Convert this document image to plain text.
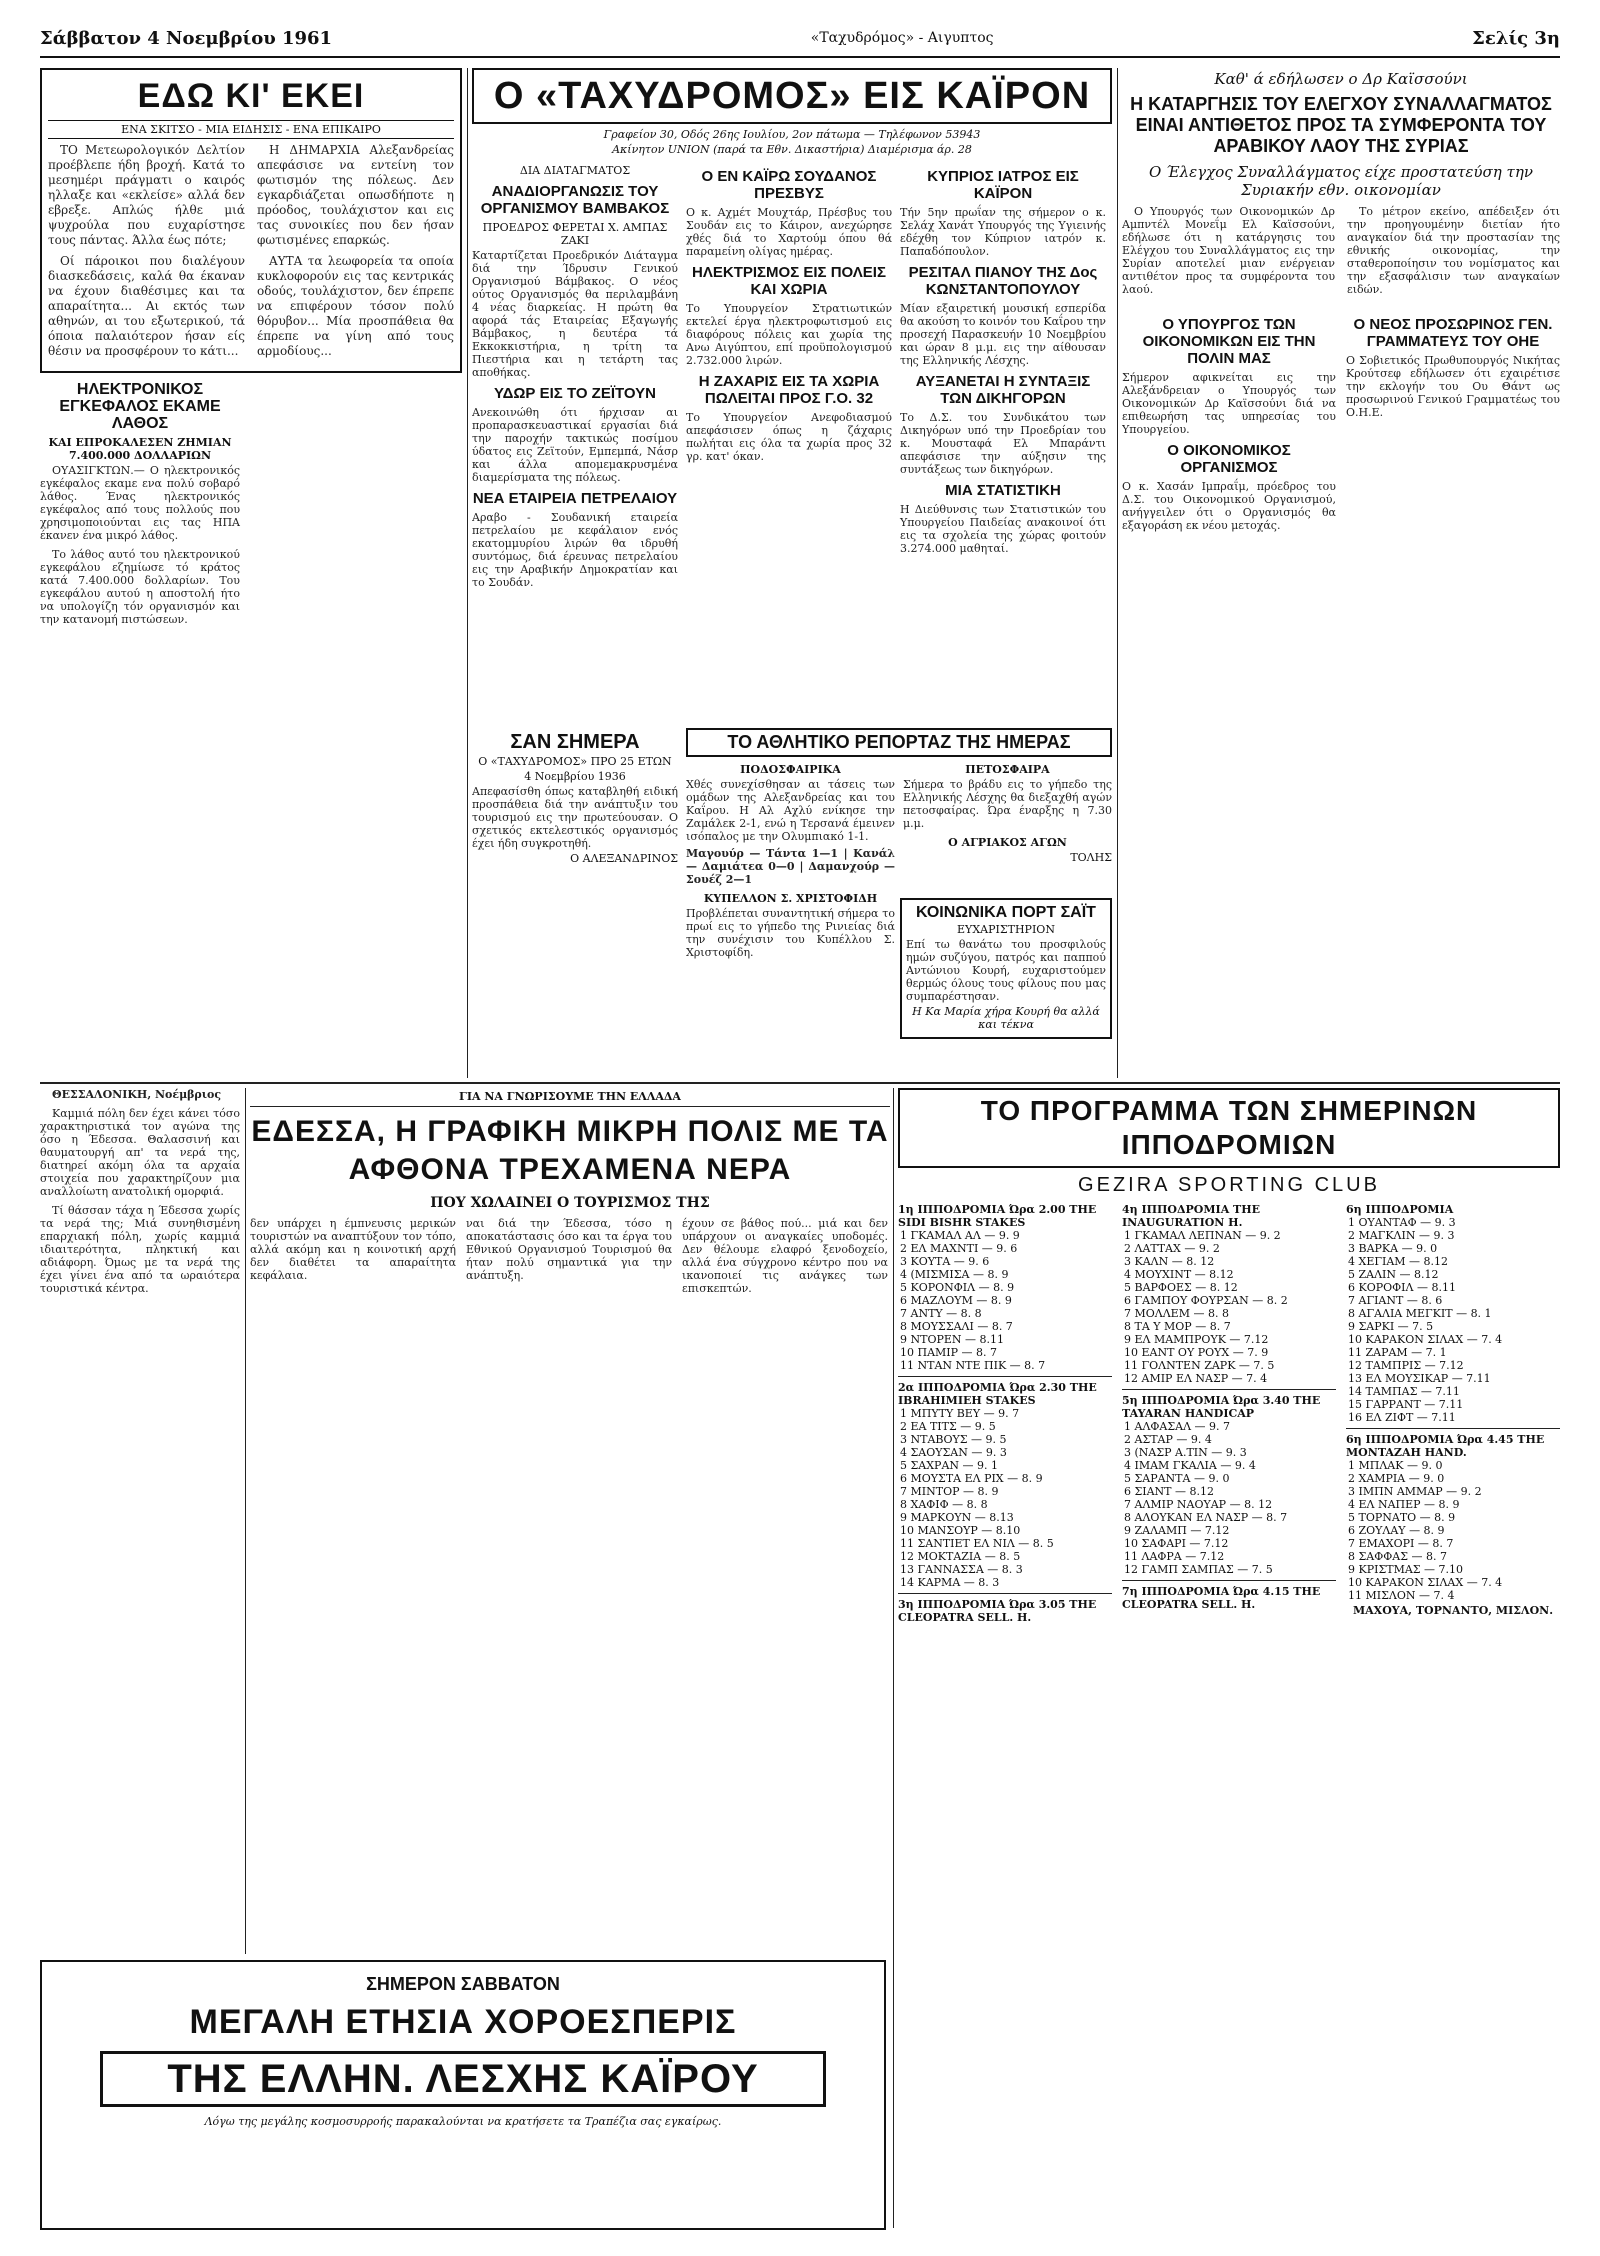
Σάββατον 4 Νοεμβρίου 1961	«Ταχυδρόμος» - Αιγυπτος	Σελίς 3η
ΕΔΩ ΚΙ' ΕΚΕΙ
ΕΝΑ ΣΚΙΤΣΟ - ΜΙΑ ΕΙΔΗΣΙΣ - ΕΝΑ ΕΠΙΚΑΙΡΟ

ΤΟ Μετεωρολογικόν Δελτίον προέβλεπε ήδη βροχή. Κατά το μεσημέρι πράγματι ο καιρός ηλλαξε και «εκλείσε» αλλά δεν εβρεξε. Απλώς ήλθε μιά ψυχρούλα που ευχαρίστησε τους πάντας. Άλλα έως πότε;

Οί πάροικοι που διαλέγουν διασκεδάσεις, καλά θα έκαναν να έχουν διαθέσιμες και τα απαραίτητα... Αι εκτός των αθηνών, αι του εξωτερικού, τά όποια παλαιότερον ήσαν είς θέσιν να προσφέρουν το κάτι...

Η ΔΗΜΑΡΧΙΑ Αλεξανδρείας απεφάσισε να εντείνη τον φωτισμόν της πόλεως. Δεν εγκαρδιάζεται οπωσδήποτε η πρόοδος, τουλάχιστον και εις τας συνοικίες που δεν ήσαν φωτισμένες επαρκώς.

ΑΥΤΑ τα λεωφορεία τα οποία κυκλοφορούν εις τας κεντρικάς οδούς, τουλάχιστον, δεν έπρεπε να επιφέρουν τόσον πολύ θόρυβον... Μία προσπάθεια θα έπρεπε να γίνη από τους αρμοδίους...

ΗΛΕΚΤΡΟΝΙΚΟΣ ΕΓΚΕΦΑΛΟΣ ΕΚΑΜΕ ΛΑΘΟΣ
ΚΑΙ ΕΠΡΟΚΑΛΕΣΕΝ ΖΗΜΙΑΝ 7.400.000 ΔΟΛΛΑΡΙΩΝ

ΟΥΑΣΙΓΚΤΩΝ.— Ο ηλεκτρονικός εγκέφαλος εκαμε ενα πολύ σοβαρό λάθος. Ένας ηλεκτρονικός εγκέφαλος από τους πολλούς που χρησιμοποιούνται εις τας ΗΠΑ έκανεν ένα μικρό λάθος.

Το λάθος αυτό του ηλεκτρονικού εγκεφάλου εζημίωσε τό κράτος κατά 7.400.000 δολλαρίων. Του εγκεφάλου αυτού η αποστολή ήτο να υπολογίζη τόν οργανισμόν και την κατανομή πιστώσεων.

Ο «ΤΑΧΥΔΡΟΜΟΣ» ΕΙΣ ΚΑΪΡΟΝ
Γραφείον 30, Οδός 26ης Ιουλίου, 2ον πάτωμα — Τηλέφωνον 53943
Ακίνητον UNION (παρά τα Εθν. Δικαστήρια) Διαμέρισμα άρ. 28
ΔΙΑ ΔΙΑΤΑΓΜΑΤΟΣ
ΑΝΑΔΙΟΡΓΑΝΩΣΙΣ ΤΟΥ ΟΡΓΑΝΙΣΜΟΥ ΒΑΜΒΑΚΟΣ
ΠΡΟΕΔΡΟΣ ΦΕΡΕΤΑΙ Χ. ΑΜΠΑΣ ΖΑΚΙ
Καταρτίζεται Προεδρικόν Διάταγμα διά την Ίδρυσιν Γενικού Οργανισμού Βάμβακος. Ο νέος ούτος Οργανισμός θα περιλαμβάνη 4 νέας διαρκείας. Η πρώτη θα αφορά τάς Εταιρείας Εξαγωγής Βάμβακος, η δευτέρα τά Εκκοκκιστήρια, η τρίτη τα Πιεστήρια και η τετάρτη τας αποθήκας.
ΥΔΩΡ ΕΙΣ ΤΟ ΖΕΪΤΟΥΝ
Ανεκοινώθη ότι ήρχισαν αι προπαρασκευαστικαί εργασίαι διά την παροχήν τακτικώς ποσίμου ύδατος εις Ζεϊτούν, Εμπεμπά, Νάσρ και άλλα απομεμακρυσμένα διαμερίσματα της πόλεως.
ΝΕΑ ΕΤΑΙΡΕΙΑ ΠΕΤΡΕΛΑΙΟΥ
Αραβο - Σουδανική εταιρεία πετρελαίου με κεφάλαιον ενός εκατομμυρίου λιρών θα ιδρυθή συντόμως, διά έρευνας πετρελαίου εις την Αραβικήν Δημοκρατίαν και το Σουδάν.
Ο ΕΝ ΚΑΪΡΩ ΣΟΥΔΑΝΟΣ ΠΡΕΣΒΥΣ
Ο κ. Αχμέτ Μουχτάρ, Πρέσβυς του Σουδάν εις το Κάιρον, ανεχώρησε χθές διά το Χαρτούμ όπου θά παραμείνη ολίγας ημέρας.
ΗΛΕΚΤΡΙΣΜΟΣ ΕΙΣ ΠΟΛΕΙΣ ΚΑΙ ΧΩΡΙΑ
Το Υπουργείον Στρατιωτικών εκτελεί έργα ηλεκτροφωτισμού εις διαφόρους πόλεις και χωρία της Ανω Αιγύπτου, επί προϋπολογισμού 2.732.000 λιρών.
Η ΖΑΧΑΡΙΣ ΕΙΣ ΤΑ ΧΩΡΙΑ ΠΩΛΕΙΤΑΙ ΠΡΟΣ Γ.Ο. 32
Το Υπουργείον Ανεφοδιασμού απεφάσισεν όπως η ζάχαρις πωλήται εις όλα τα χωρία προς 32 γρ. κατ' όκαν.
ΚΥΠΡΙΟΣ ΙΑΤΡΟΣ ΕΙΣ ΚΑΪΡΟΝ
Τήν 5ην πρωΐαν της σήμερον ο κ. Σελάχ Χανάτ Υπουργός της Υγιεινής εδέχθη τον Κύπριον ιατρόν κ. Παπαδόπουλον.
ΡΕΣΙΤΑΛ ΠΙΑΝΟΥ ΤΗΣ Δος ΚΩΝΣΤΑΝΤΟΠΟΥΛΟΥ
Μίαν εξαιρετική μουσική εσπερίδα θα ακούση το κοινόν του Καΐρου την προσεχή Παρασκευήν 10 Νοεμβρίου και ώραν 8 μ.μ. εις την αίθουσαν της Ελληνικής Λέσχης.
ΑΥΞΑΝΕΤΑΙ Η ΣΥΝΤΑΞΙΣ ΤΩΝ ΔΙΚΗΓΟΡΩΝ
Το Δ.Σ. του Συνδικάτου των Δικηγόρων υπό την Προεδρίαν του κ. Μουσταφά Ελ Μπαράντι απεφάσισε την αύξησιν της συντάξεως των δικηγόρων.
ΜΙΑ ΣΤΑΤΙΣΤΙΚΗ
Η Διεύθυνσις των Στατιστικών του Υπουργείου Παιδείας ανακοινοί ότι εις τα σχολεία της χώρας φοιτούν 3.274.000 μαθηταί.
ΣΑΝ ΣΗΜΕΡΑ
Ο «ΤΑΧΥΔΡΟΜΟΣ» ΠΡΟ 25 ΕΤΩΝ
4 Νοεμβρίου 1936
Απεφασίσθη όπως καταβληθή ειδική προσπάθεια διά την ανάπτυξιν του τουρισμού εις την πρωτεύουσαν. Ο σχετικός εκτελεστικός οργανισμός έχει ήδη συγκροτηθή.
Ο ΑΛΕΞΑΝΔΡΙΝΟΣ
ΤΟ ΑΘΛΗΤΙΚΟ ΡΕΠΟΡΤΑΖ ΤΗΣ ΗΜΕΡΑΣ
ΠΟΔΟΣΦΑΙΡΙΚΑ
Χθές συνεχίσθησαν αι τάσεις των ομάδων της Αλεξανδρείας και του Καΐρου. Η Αλ Αχλύ ενίκησε την Ζαμάλεκ 2-1, ενώ η Τερσανά έμεινεν ισόπαλος με την Ολυμπιακό 1-1.
Μαγουύρ — Τάντα 1—1 | Κανάλ — Δαμιάτεα 0—0 | Δαμανχούρ — Σουέζ 2—1
ΚΥΠΕΛΛΟΝ Σ. ΧΡΙΣΤΟΦΙΔΗ
Προβλέπεται συναντητική σήμερα το πρωί εις το γήπεδο της Ρινιείας διά την συνέχισιν του Κυπέλλου Σ. Χριστοφίδη.
ΠΕΤΟΣΦΑΙΡΑ
Σήμερα το βράδυ εις το γήπεδο της Ελληνικής Λέσχης θα διεξαχθή αγών πετοσφαίρας. Ώρα έναρξης η 7.30 μ.μ.
Ο ΑΓΡΙΑΚΟΣ ΑΓΩΝ
ΤΟΛΗΣ
ΚΟΙΝΩΝΙΚΑ ΠΟΡΤ ΣΑΪΤ
ΕΥΧΑΡΙΣΤΗΡΙΟΝ
Επί τω θανάτω του προσφιλούς ημών συζύγου, πατρός και παππού Αντώνιου Κουρή, ευχαριστούμεν θερμώς όλους τους φίλους που μας συμπαρέστησαν.
Η Κα Μαρία χήρα Κουρή θα αλλά και τέκνα
Καθ' ά εδήλωσεν ο Δρ Καϊσσούνι
Η ΚΑΤΑΡΓΗΣΙΣ ΤΟΥ ΕΛΕΓΧΟΥ ΣΥΝΑΛΛΑΓΜΑΤΟΣ ΕΙΝΑΙ ΑΝΤΙΘΕΤΟΣ ΠΡΟΣ ΤΑ ΣΥΜΦΕΡΟΝΤΑ ΤΟΥ ΑΡΑΒΙΚΟΥ ΛΑΟΥ ΤΗΣ ΣΥΡΙΑΣ
Ο Έλεγχος Συναλλάγματος είχε προστατεύση την Συριακήν εθν. οικονομίαν

Ο Υπουργός των Οικονομικών Δρ Αμπντέλ Μονεΐμ Ελ Καϊσσούνι, εδήλωσε ότι η κατάργησις του Ελέγχου του Συναλλάγματος εις την Συρίαν αποτελεί μιαν ενέργειαν αντιθέτον προς τα συμφέροντα του λαού.

Το μέτρον εκείνο, απέδειξεν ότι την προηγουμένην διετίαν ήτο αναγκαίον διά την προστασίαν της εθνικής οικονομίας, την σταθεροποίησιν του νομίσματος και την εξασφάλισιν των αναγκαίων ειδών.

Ο ΥΠΟΥΡΓΟΣ ΤΩΝ ΟΙΚΟΝΟΜΙΚΩΝ ΕΙΣ ΤΗΝ ΠΟΛΙΝ ΜΑΣ
Σήμερον αφικνείται εις την Αλεξάνδρειαν ο Υπουργός των Οικονομικών Δρ Καϊσσούνι διά να επιθεωρήση τας υπηρεσίας του Υπουργείου.
Ο ΟΙΚΟΝΟΜΙΚΟΣ ΟΡΓΑΝΙΣΜΟΣ
Ο κ. Χασάν Ιμπραΐμ, πρόεδρος του Δ.Σ. του Οικονομικού Οργανισμού, ανήγγειλεν ότι ο Οργανισμός θα εξαγοράση εκ νέου μετοχάς.
Ο ΝΕΟΣ ΠΡΟΣΩΡΙΝΟΣ ΓΕΝ. ΓΡΑΜΜΑΤΕΥΣ ΤΟΥ ΟΗΕ
Ο Σοβιετικός Πρωθυπουργός Νικήτας Κρούτσεφ εδήλωσεν ότι εχαιρέτισε την εκλογήν του Ου Θάντ ως προσωρινού Γενικού Γραμματέως του Ο.Η.Ε.

ΘΕΣΣΑΛΟΝΙΚΗ, Νοέμβριος

Καμμιά πόλη δεν έχει κάνει τόσο χαρακτηριστικά τον αγώνα της όσο η Έδεσσα. Θαλασσινή και θαυματουργή απ' τα νερά της, διατηρεί ακόμη όλα τα αρχαία στοιχεία που χαρακτηρίζουν μια αναλλοίωτη ανατολική ομορφιά.

Τί θάσσαν τάχα η Έδεσσα χωρίς τα νερά της; Μιά συνηθισμένη επαρχιακή πόλη, χωρίς καμμιά ιδιαιτερότητα, πληκτική και αδιάφορη. Όμως με τα νερά της έχει γίνει ένα από τα ωραιότερα τουριστικά κέντρα.

ΓΙΑ ΝΑ ΓΝΩΡΙΣΟΥΜΕ ΤΗΝ ΕΛΛΑΔΑ
ΕΔΕΣΣΑ, Η ΓΡΑΦΙΚΗ ΜΙΚΡΗ ΠΟΛΙΣ ΜΕ ΤΑ ΑΦΘΟΝΑ ΤΡΕΧΑΜΕΝΑ ΝΕΡΑ
ΠΟΥ ΧΩΛΑΙΝΕΙ Ο ΤΟΥΡΙΣΜΟΣ ΤΗΣ
δεν υπάρχει η έμπνευσις μερικών τουριστών να αναπτύξουν τον τόπο, αλλά ακόμη και η κοινοτική αρχή δεν διαθέτει τα απαραίτητα κεφάλαια.
ναι διά την Έδεσσα, τόσο η αποκατάστασις όσο και τα έργα του Εθνικού Οργανισμού Τουρισμού θα ήταν πολύ σημαντικά για την ανάπτυξη.
έχουν σε βάθος πού... μιά και δεν υπάρχουν οι αναγκαίες υποδομές. Δεν θέλουμε ελαφρό ξενοδοχείο, αλλά ένα σύγχρονο κέντρο που να ικανοποιεί τις ανάγκες των επισκεπτών.
ΣΗΜΕΡΟΝ ΣΑΒΒΑΤΟΝ
ΜΕΓΑΛΗ ΕΤΗΣΙΑ ΧΟΡΟΕΣΠΕΡΙΣ
ΤΗΣ ΕΛΛΗΝ. ΛΕΣΧΗΣ ΚΑΪΡΟΥ
Λόγω της μεγάλης κοσμοσυρροής παρακαλούνται να κρατήσετε τα Τραπέζια σας εγκαίρως.
ΤΟ ΠΡΟΓΡΑΜΜΑ ΤΩΝ ΣΗΜΕΡΙΝΩΝ ΙΠΠΟΔΡΟΜΙΩΝ
GEZIRA SPORTING CLUB
1η ΙΠΠΟΔΡΟΜΙΑ Ώρα 2.00 THE SIDI BISHR STAKES
1 ΓΚΑΜΑΛ ΑΛ — 9. 9
2 ΕΛ ΜΑΧΝΤΙ — 9. 6
3 ΚΟΥΤΑ — 9. 6
4 (ΜΙΣΜΙΣΑ — 8. 9
5 ΚΟΡΟΝΦΙΛ — 8. 9
6 ΜΑΖΛΟΥΜ — 8. 9
7 ΑΝΤΥ — 8. 8
8 ΜΟΥΣΣΑΛΙ — 8. 7
9 ΝΤΟΡΕΝ — 8.11
10 ΠΑΜΙΡ — 8. 7
11 ΝΤΑΝ ΝΤΕ ΠΙΚ — 8. 7
2α ΙΠΠΟΔΡΟΜΙΑ Ώρα 2.30 THE IBRAHIMIEH STAKES
1 ΜΠΥΤΥ ΒΕΥ — 9. 7
2 ΕΑ ΤΙΤΣ — 9. 5
3 ΝΤΑΒΟΥΣ — 9. 5
4 ΣΑΟΥΣΑΝ — 9. 3
5 ΣΑΧΡΑΝ — 9. 1
6 ΜΟΥΣΤΑ ΕΛ ΡΙΧ — 8. 9
7 ΜΙΝΤΟΡ — 8. 9
8 ΧΑΦΙΦ — 8. 8
9 ΜΑΡΚΟΥΝ — 8.13
10 ΜΑΝΣΟΥΡ — 8.10
11 ΣΑΝΤΙΕΤ ΕΛ ΝΙΛ — 8. 5
12 ΜΟΚΤΑΖΙΑ — 8. 5
13 ΓΑΝΝΑΣΣΑ — 8. 3
14 ΚΑΡΜΑ — 8. 3
3η ΙΠΠΟΔΡΟΜΙΑ Ώρα 3.05 THE CLEOPATRA SELL. H.
4η ΙΠΠΟΔΡΟΜΙΑ THE INAUGURATION H.
1 ΓΚΑΜΑΛ ΛΕΠΝΑΝ — 9. 2
2 ΛΑΤΤΑΧ — 9. 2
3 ΚΑΛΝ — 8. 12
4 ΜΟΥΧΙΝΤ — 8.12
5 ΒΑΡΦΟΕΣ — 8. 12
6 ΓΑΜΠΟΥ ΦΟΥΡΣΑΝ — 8. 2
7 ΜΟΛΛΕΜ — 8. 8
8 ΤΑ Υ ΜΟΡ — 8. 7
9 ΕΛ ΜΑΜΠΡΟΥΚ — 7.12
10 ΕΑΝΤ ΟΥ ΡΟΥΧ — 7. 9
11 ΓΟΛΝΤΕΝ ΖΑΡΚ — 7. 5
12 ΑΜΙΡ ΕΛ ΝΑΣΡ — 7. 4
5η ΙΠΠΟΔΡΟΜΙΑ Ώρα 3.40 THE TAYARAN HANDICAP
1 ΑΛΦΑΣΑΛ — 9. 7
2 ΑΣΤΑΡ — 9. 4
3 (ΝΑΣΡ Α.ΤΙΝ — 9. 3
4 ΙΜΑΜ ΓΚΑΛΙΑ — 9. 4
5 ΣΑΡΑΝΤΑ — 9. 0
6 ΣΙΑΝΤ — 8.12
7 ΑΛΜΙΡ ΝΑΟΥΑΡ — 8. 12
8 ΑΛΟΥΚΑΝ ΕΛ ΝΑΣΡ — 8. 7
9 ΖΑΛΑΜΠ — 7.12
10 ΣΑΦΑΡΙ — 7.12
11 ΛΑΦΡΑ — 7.12
12 ΓΑΜΠ ΣΑΜΠΑΣ — 7. 5
7η ΙΠΠΟΔΡΟΜΙΑ Ώρα 4.15 THE CLEOPATRA SELL. H.
6η ΙΠΠΟΔΡΟΜΙΑ
1 ΟΥΑΝΤΑΦ — 9. 3
2 ΜΑΓΚΛΙΝ — 9. 3
3 ΒΑΡΚΑ — 9. 0
4 ΧΕΓΙΑΜ — 8.12
5 ΖΑΛΙΝ — 8.12
6 ΚΟΡΟΦΙΛ — 8.11
7 ΑΓΙΑΝΤ — 8. 6
8 ΑΓΑΛΙΑ ΜΕΓΚΙΤ — 8. 1
9 ΣΑΡΚΙ — 7. 5
10 ΚΑΡΑΚΟΝ ΣΙΛΑΧ — 7. 4
11 ΖΑΡΑΜ — 7. 1
12 ΤΑΜΠΡΙΣ — 7.12
13 ΕΛ ΜΟΥΣΙΚΑΡ — 7.11
14 ΤΑΜΠΑΣ — 7.11
15 ΓΑΡΡΑΝΤ — 7.11
16 ΕΛ ΖΙΦΤ — 7.11
6η ΙΠΠΟΔΡΟΜΙΑ Ώρα 4.45 THE MONTAZAH HAND.
1 ΜΠΛΑΚ — 9. 0
2 ΧΑΜΡΙΑ — 9. 0
3 ΙΜΠΝ ΑΜΜΑΡ — 9. 2
4 ΕΛ ΝΑΠΕΡ — 8. 9
5 ΤΟΡΝΑΤΟ — 8. 9
6 ΖΟΥΛΑΥ — 8. 9
7 ΕΜΑΧΟΡΙ — 8. 7
8 ΣΑΦΦΑΣ — 8. 7
9 ΚΡΙΣΤΜΑΣ — 7.10
10 ΚΑΡΑΚΟΝ ΣΙΛΑΧ — 7. 4
11 ΜΙΣΛΟΝ — 7. 4
ΜΑΧΟΥΑ, ΤΟΡΝΑΝΤΟ, ΜΙΣΛΟΝ.
